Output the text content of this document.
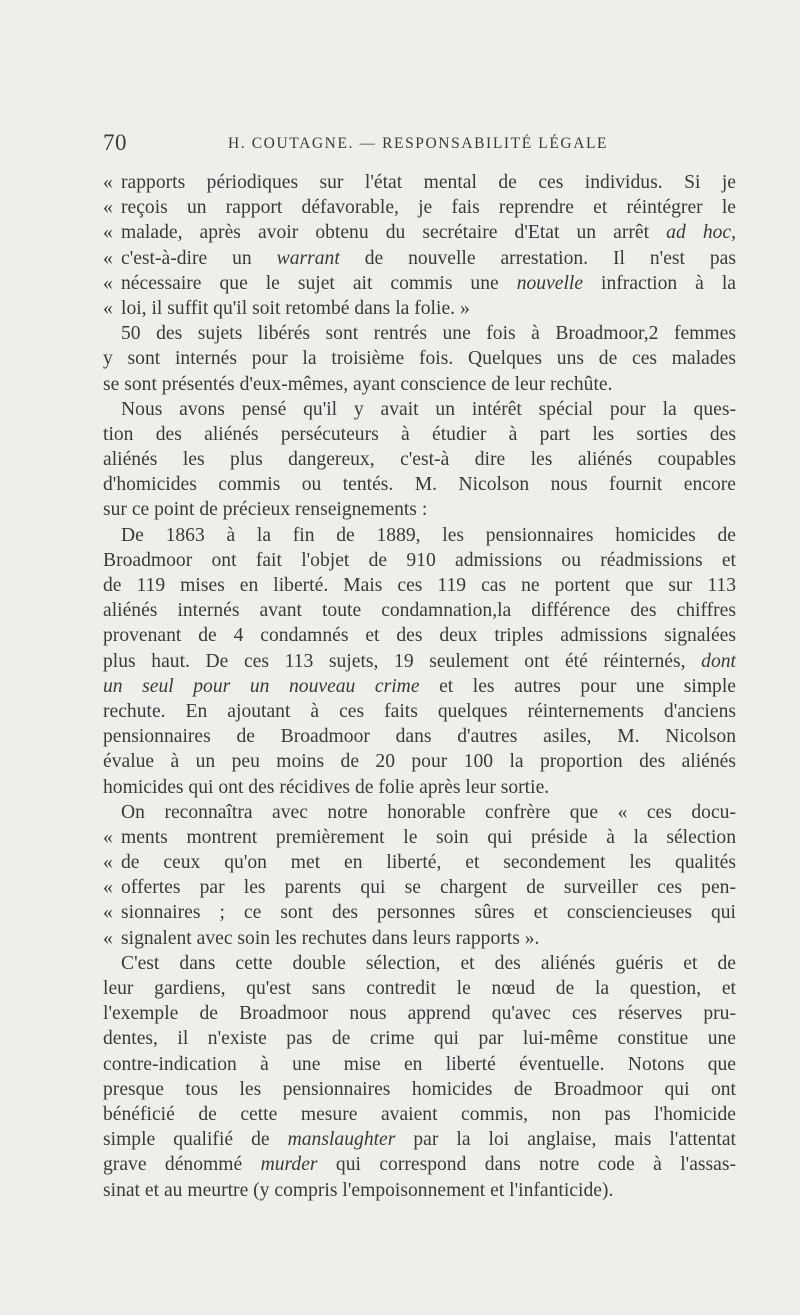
70	H. COUTAGNE. — RESPONSABILITÉ LÉGALE
« rapports périodiques sur l'état mental de ces individus. Si je
« reçois un rapport défavorable, je fais reprendre et réintégrer le
« malade, après avoir obtenu du secrétaire d'Etat un arrêt ad hoc,
« c'est-à-dire un warrant de nouvelle arrestation. Il n'est pas
« nécessaire que le sujet ait commis une nouvelle infraction à la
« loi, il suffit qu'il soit retombé dans la folie. »
50 des sujets libérés sont rentrés une fois à Broadmoor,2 femmes
y sont internés pour la troisième fois. Quelques uns de ces malades
se sont présentés d'eux-mêmes, ayant conscience de leur rechûte.
Nous avons pensé qu'il y avait un intérêt spécial pour la ques-
tion des aliénés persécuteurs à étudier à part les sorties des
aliénés les plus dangereux, c'est-à dire les aliénés coupables
d'homicides commis ou tentés. M. Nicolson nous fournit encore
sur ce point de précieux renseignements :
De 1863 à la fin de 1889, les pensionnaires homicides de
Broadmoor ont fait l'objet de 910 admissions ou réadmissions et
de 119 mises en liberté. Mais ces 119 cas ne portent que sur 113
aliénés internés avant toute condamnation,la différence des chiffres
provenant de 4 condamnés et des deux triples admissions signalées
plus haut. De ces 113 sujets, 19 seulement ont été réinternés, dont
un seul pour un nouveau crime et les autres pour une simple
rechute. En ajoutant à ces faits quelques réinternements d'anciens
pensionnaires de Broadmoor dans d'autres asiles, M. Nicolson
évalue à un peu moins de 20 pour 100 la proportion des aliénés
homicides qui ont des récidives de folie après leur sortie.
On reconnaîtra avec notre honorable confrère que « ces docu-
« ments montrent premièrement le soin qui préside à la sélection
« de ceux qu'on met en liberté, et secondement les qualités
« offertes par les parents qui se chargent de surveiller ces pen-
« sionnaires ; ce sont des personnes sûres et consciencieuses qui
« signalent avec soin les rechutes dans leurs rapports ».
C'est dans cette double sélection, et des aliénés guéris et de
leur gardiens, qu'est sans contredit le nœud de la question, et
l'exemple de Broadmoor nous apprend qu'avec ces réserves pru-
dentes, il n'existe pas de crime qui par lui-même constitue une
contre-indication à une mise en liberté éventuelle. Notons que
presque tous les pensionnaires homicides de Broadmoor qui ont
bénéficié de cette mesure avaient commis, non pas l'homicide
simple qualifié de manslaughter par la loi anglaise, mais l'attentat
grave dénommé murder qui correspond dans notre code à l'assas-
sinat et au meurtre (y compris l'empoisonnement et l'infanticide).
